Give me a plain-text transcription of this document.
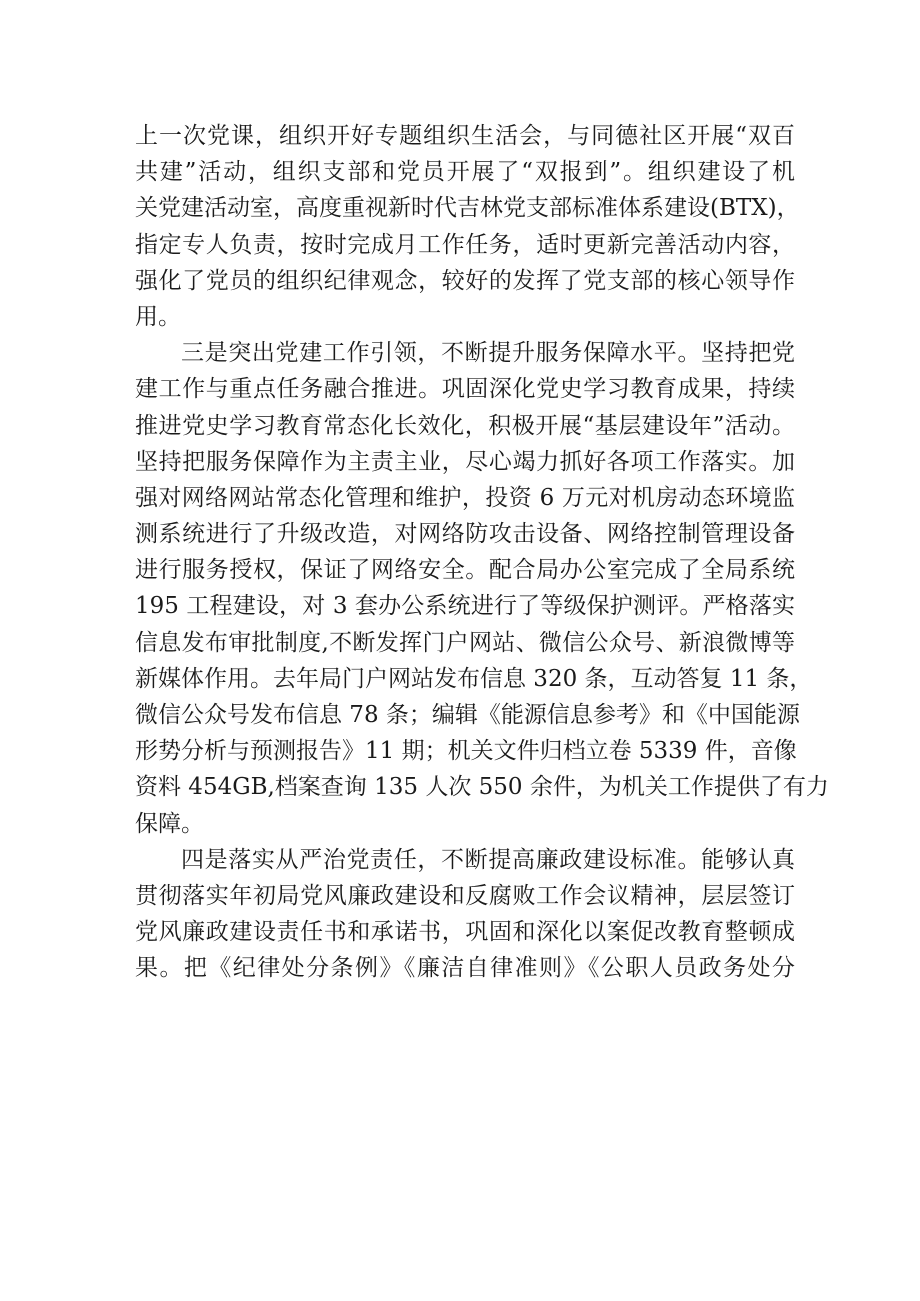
上一次党课，组织开好专题组织生活会，与同德社区开展“双百
共建”活动，组织支部和党员开展了“双报到”。组织建设了机
关党建活动室，高度重视新时代吉林党支部标准体系建设(BTX)，
指定专人负责，按时完成月工作任务，适时更新完善活动内容，
强化了党员的组织纪律观念，较好的发挥了党支部的核心领导作
用。
三是突出党建工作引领，不断提升服务保障水平。坚持把党
建工作与重点任务融合推进。巩固深化党史学习教育成果，持续
推进党史学习教育常态化长效化，积极开展“基层建设年”活动。
坚持把服务保障作为主责主业，尽心竭力抓好各项工作落实。加
强对网络网站常态化管理和维护，投资 6 万元对机房动态环境监
测系统进行了升级改造，对网络防攻击设备、网络控制管理设备
进行服务授权，保证了网络安全。配合局办公室完成了全局系统
195 工程建设，对 3 套办公系统进行了等级保护测评。严格落实
信息发布审批制度,不断发挥门户网站、微信公众号、新浪微博等
新媒体作用。去年局门户网站发布信息 320 条，互动答复 11 条，
微信公众号发布信息 78 条；编辑《能源信息参考》和《中国能源
形势分析与预测报告》11 期；机关文件归档立卷 5339 件，音像
资料 454GB,档案查询 135 人次 550 余件，为机关工作提供了有力
保障。
四是落实从严治党责任，不断提高廉政建设标准。能够认真
贯彻落实年初局党风廉政建设和反腐败工作会议精神，层层签订
党风廉政建设责任书和承诺书，巩固和深化以案促改教育整顿成
果。把《纪律处分条例》《廉洁自律准则》《公职人员政务处分
